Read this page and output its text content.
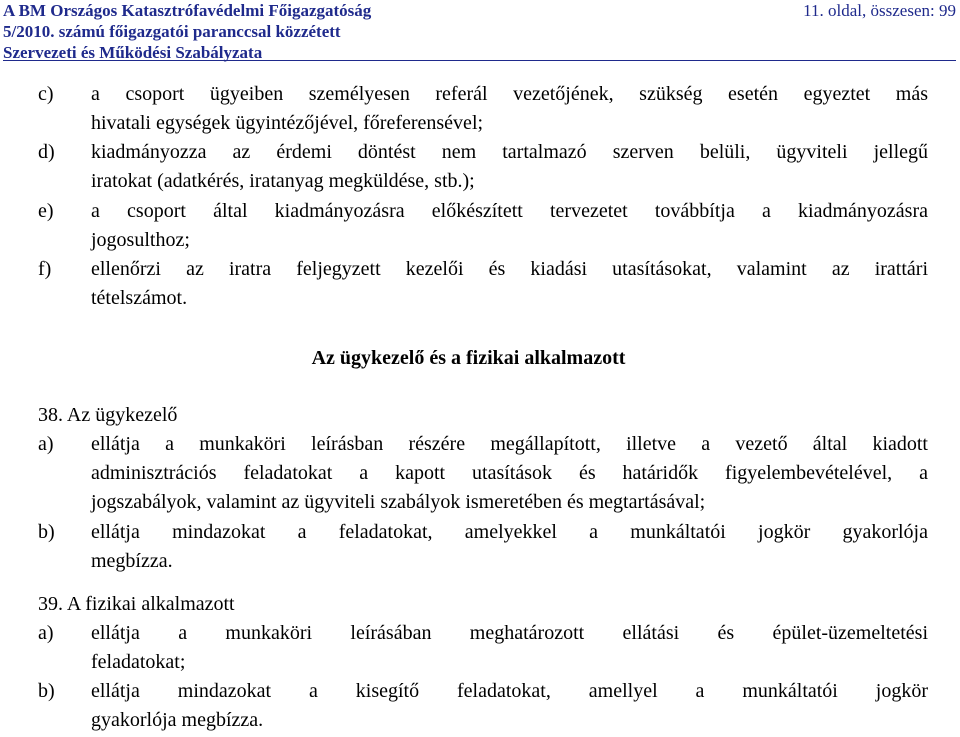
A BM Országos Katasztrófavédelmi Főigazgatóság	11. oldal, összesen: 99
5/2010. számú főigazgatói paranccsal közzétett
Szervezeti és Működési Szabályzata
c) a csoport ügyeiben személyesen referál vezetőjének, szükség esetén egyeztet más
hivatali egységek ügyintézőjével, főreferensével;
d) kiadmányozza az érdemi döntést nem tartalmazó szerven belüli, ügyviteli jellegű
iratokat (adatkérés, iratanyag megküldése, stb.);
e) a csoport által kiadmányozásra előkészített tervezetet továbbítja a kiadmányozásra
jogosulthoz;
f) ellenőrzi az iratra feljegyzett kezelői és kiadási utasításokat, valamint az irattári
tételszámot.
Az ügykezelő és a fizikai alkalmazott
38. Az ügykezelő
a) ellátja a munkaköri leírásban részére megállapított, illetve a vezető által kiadott
adminisztrációs feladatokat a kapott utasítások és határidők figyelembevételével, a
jogszabályok, valamint az ügyviteli szabályok ismeretében és megtartásával;
b) ellátja mindazokat a feladatokat, amelyekkel a munkáltatói jogkör gyakorlója
megbízza.
39. A fizikai alkalmazott
a) ellátja a munkaköri leírásában meghatározott ellátási és épület-üzemeltetési
feladatokat;
b) ellátja mindazokat a kisegítő feladatokat, amellyel a munkáltatói jogkör
gyakorlója megbízza.
